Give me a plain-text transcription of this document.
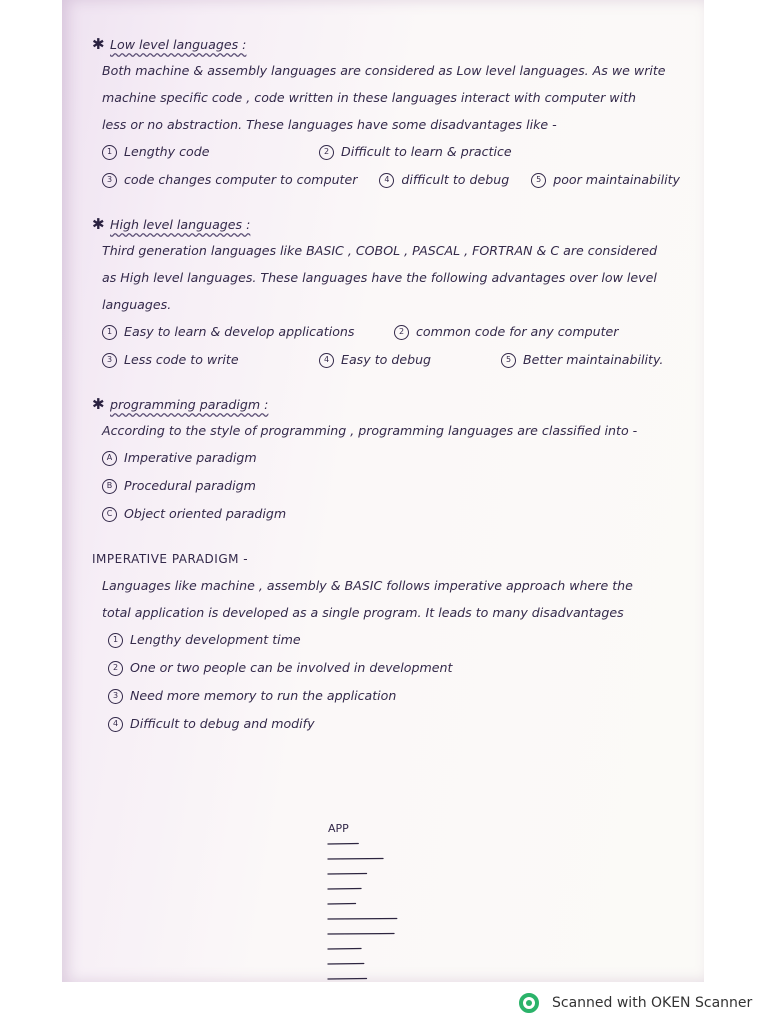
✱ Low level languages :
Both machine & assembly languages are considered as Low level languages. As we write
machine specific code , code written in these languages interact with computer with
less or no abstraction. These languages have some disadvantages like -
1 Lengthy code	2 Difficult to learn & practice
3 code changes computer to computer	4 difficult to debug	5 poor maintainability
✱ High level languages :
Third generation languages like BASIC , COBOL , PASCAL , FORTRAN & C are considered
as High level languages. These languages have the following advantages over low level
languages.
1 Easy to learn & develop applications	2 common code for any computer
3 Less code to write	4 Easy to debug	5 Better maintainability.
✱ programming paradigm :
According to the style of programming , programming languages are classified into -
A Imperative paradigm
B Procedural paradigm
C Object oriented paradigm
IMPERATIVE PARADIGM -
Languages like machine , assembly & BASIC follows imperative approach where the
total application is developed as a single program. It leads to many disadvantages
1 Lengthy development time
2 One or two people can be involved in development
3 Need more memory to run the application
4 Difficult to debug and modify
APP
Scanned with OKEN Scanner
